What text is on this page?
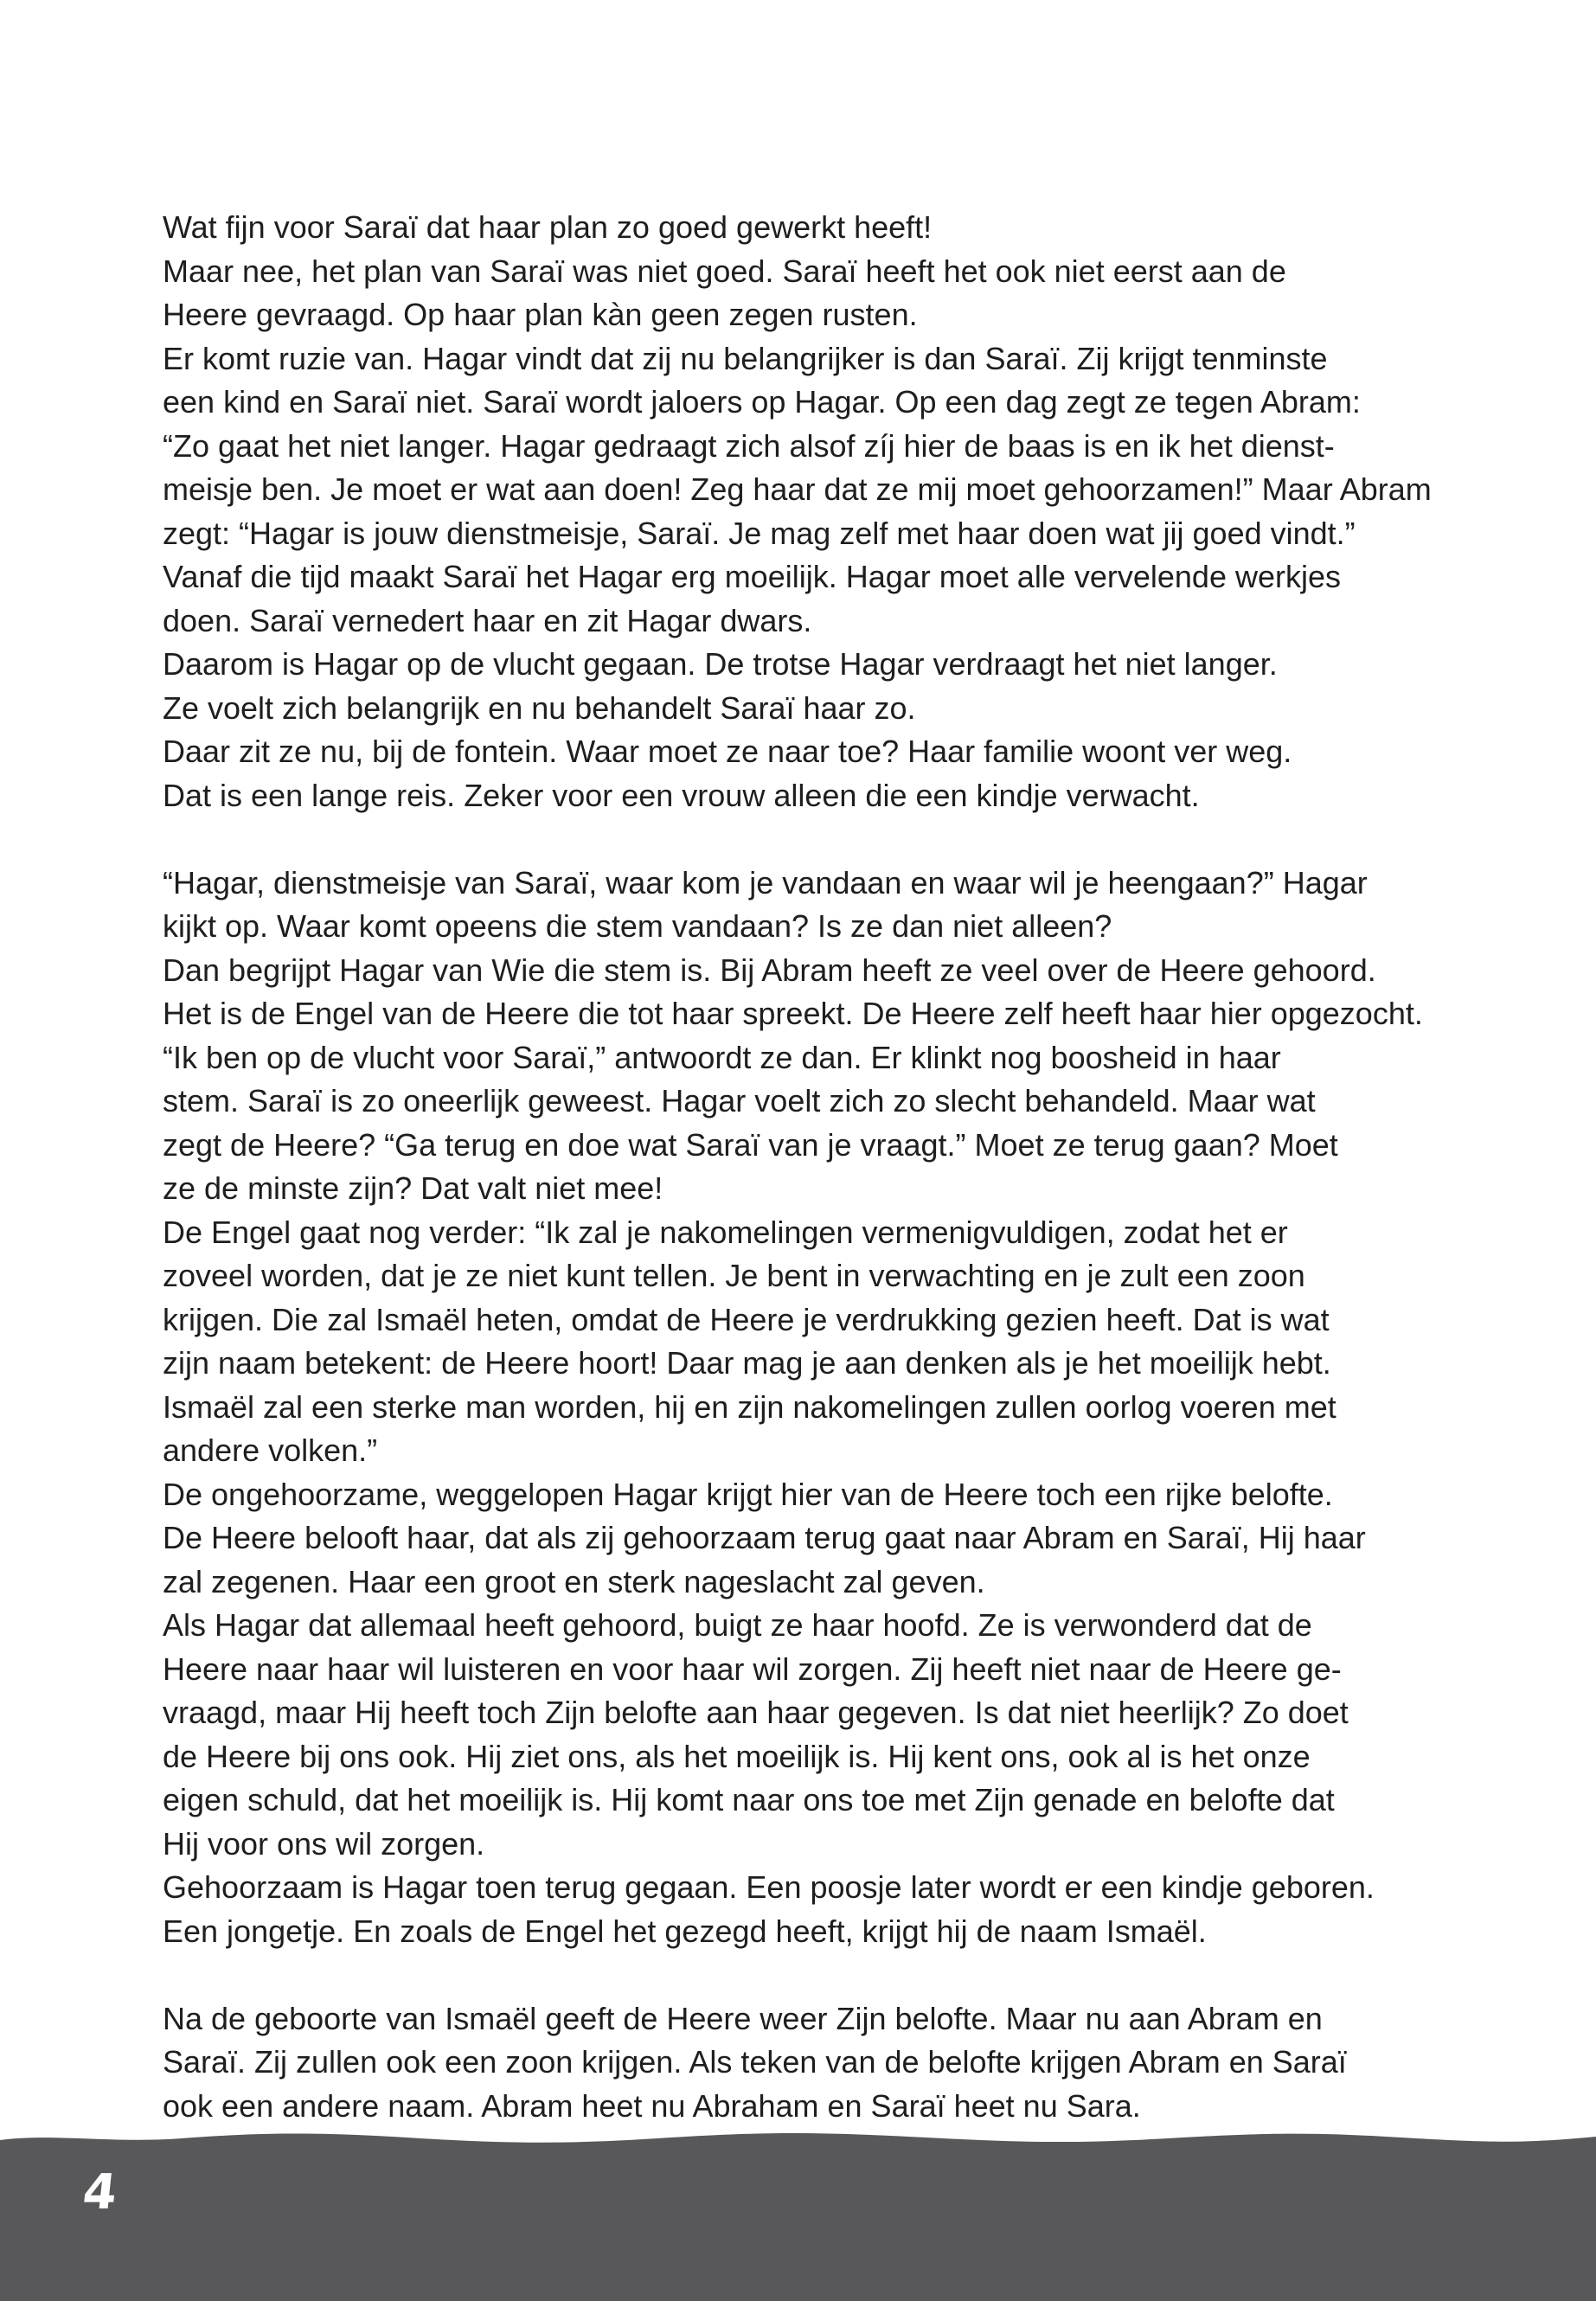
Wat fijn voor Saraï dat haar plan zo goed gewerkt heeft!
Maar nee, het plan van Saraï was niet goed. Saraï heeft het ook niet eerst aan de
Heere gevraagd. Op haar plan kàn geen zegen rusten.
Er komt ruzie van. Hagar vindt dat zij nu belangrijker is dan Saraï. Zij krijgt tenminste
een kind en Saraï niet. Saraï wordt jaloers op Hagar. Op een dag zegt ze tegen Abram:
“Zo gaat het niet langer. Hagar gedraagt zich alsof zíj hier de baas is en ik het dienst-
meisje ben. Je moet er wat aan doen! Zeg haar dat ze mij moet gehoorzamen!” Maar Abram
zegt: “Hagar is jouw dienstmeisje, Saraï. Je mag zelf met haar doen wat jij goed vindt.”
Vanaf die tijd maakt Saraï het Hagar erg moeilijk. Hagar moet alle vervelende werkjes
doen. Saraï vernedert haar en zit Hagar dwars.
Daarom is Hagar op de vlucht gegaan. De trotse Hagar verdraagt het niet langer.
Ze voelt zich belangrijk en nu behandelt Saraï haar zo.
Daar zit ze nu, bij de fontein. Waar moet ze naar toe? Haar familie woont ver weg.
Dat is een lange reis. Zeker voor een vrouw alleen die een kindje verwacht.
“Hagar, dienstmeisje van Saraï, waar kom je vandaan en waar wil je heengaan?” Hagar
kijkt op. Waar komt opeens die stem vandaan? Is ze dan niet alleen?
Dan begrijpt Hagar van Wie die stem is. Bij Abram heeft ze veel over de Heere gehoord.
Het is de Engel van de Heere die tot haar spreekt. De Heere zelf heeft haar hier opgezocht.
“Ik ben op de vlucht voor Saraï,” antwoordt ze dan. Er klinkt nog boosheid in haar
stem. Saraï is zo oneerlijk geweest. Hagar voelt zich zo slecht behandeld. Maar wat
zegt de Heere? “Ga terug en doe wat Saraï van je vraagt.” Moet ze terug gaan? Moet
ze de minste zijn? Dat valt niet mee!
De Engel gaat nog verder: “Ik zal je nakomelingen vermenigvuldigen, zodat het er
zoveel worden, dat je ze niet kunt tellen. Je bent in verwachting en je zult een zoon
krijgen. Die zal Ismaël heten, omdat de Heere je verdrukking gezien heeft. Dat is wat
zijn naam betekent: de Heere hoort! Daar mag je aan denken als je het moeilijk hebt.
Ismaël zal een sterke man worden, hij en zijn nakomelingen zullen oorlog voeren met
andere volken.”
De ongehoorzame, weggelopen Hagar krijgt hier van de Heere toch een rijke belofte.
De Heere belooft haar, dat als zij gehoorzaam terug gaat naar Abram en Saraï, Hij haar
zal zegenen. Haar een groot en sterk nageslacht zal geven.
Als Hagar dat allemaal heeft gehoord, buigt ze haar hoofd. Ze is verwonderd dat de
Heere naar haar wil luisteren en voor haar wil zorgen. Zij heeft niet naar de Heere ge-
vraagd, maar Hij heeft toch Zijn belofte aan haar gegeven. Is dat niet heerlijk? Zo doet
de Heere bij ons ook. Hij ziet ons, als het moeilijk is. Hij kent ons, ook al is het onze
eigen schuld, dat het moeilijk is. Hij komt naar ons toe met Zijn genade en belofte dat
Hij voor ons wil zorgen.
Gehoorzaam is Hagar toen terug gegaan. Een poosje later wordt er een kindje geboren.
Een jongetje. En zoals de Engel het gezegd heeft, krijgt hij de naam Ismaël.
Na de geboorte van Ismaël geeft de Heere weer Zijn belofte. Maar nu aan Abram en
Saraï. Zij zullen ook een zoon krijgen. Als teken van de belofte krijgen Abram en Saraï
ook een andere naam. Abram heet nu Abraham en Saraï heet nu Sara.
4
